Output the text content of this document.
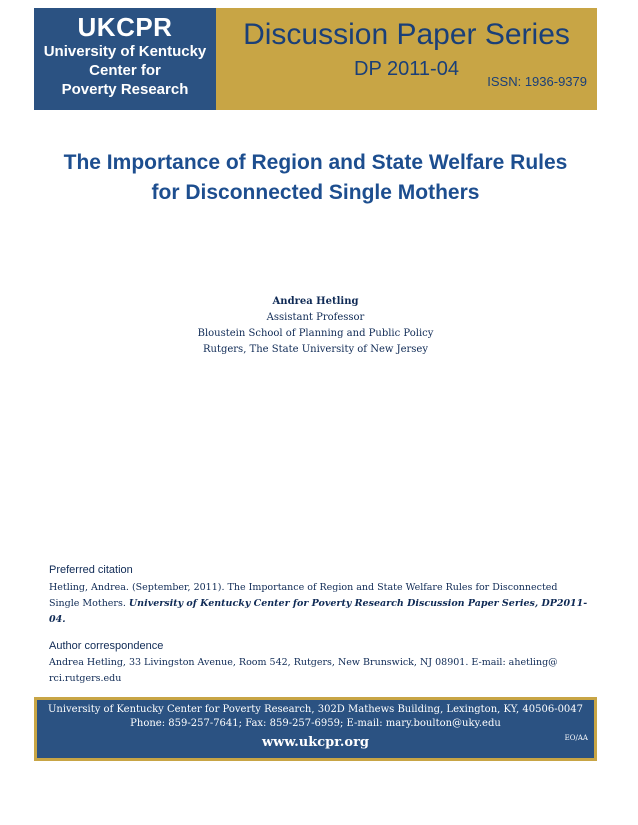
UKCPR
University of Kentucky
Center for
Poverty Research
Discussion Paper Series
DP 2011-04
ISSN: 1936-9379
The Importance of Region and State Welfare Rules
for Disconnected Single Mothers
Andrea Hetling
Assistant Professor
Bloustein School of Planning and Public Policy
Rutgers, The State University of New Jersey
Preferred citation
Hetling, Andrea. (September, 2011). The Importance of Region and State Welfare Rules for Disconnected
Single Mothers. University of Kentucky Center for Poverty Research Discussion Paper Series, DP2011-04.
Author correspondence
Andrea Hetling, 33 Livingston Avenue, Room 542, Rutgers, New Brunswick, NJ 08901. E-mail: ahetling@
rci.rutgers.edu
University of Kentucky Center for Poverty Research, 302D Mathews Building, Lexington, KY, 40506-0047
Phone: 859-257-7641; Fax: 859-257-6959; E-mail: mary.boulton@uky.edu
www.ukcpr.org	EO/AA
